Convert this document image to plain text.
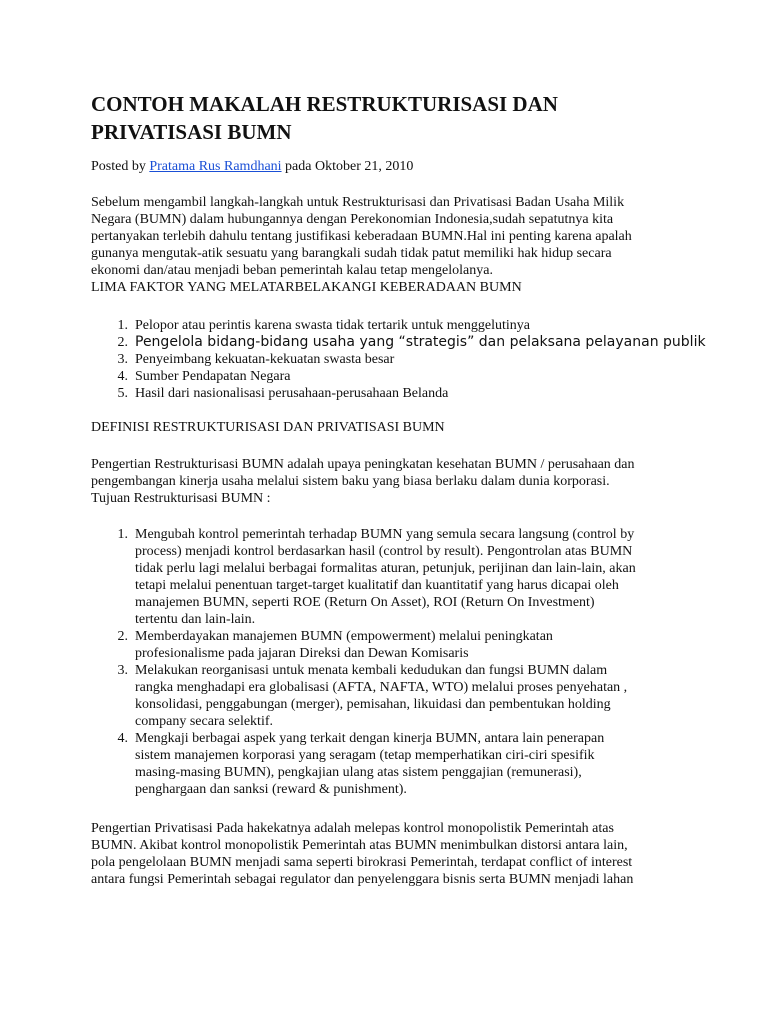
CONTOH MAKALAH RESTRUKTURISASI DAN
PRIVATISASI BUMN
Posted by Pratama Rus Ramdhani pada Oktober 21, 2010
Sebelum mengambil langkah-langkah untuk Restrukturisasi dan Privatisasi Badan Usaha Milik
Negara (BUMN) dalam hubungannya dengan Perekonomian Indonesia,sudah sepatutnya kita
pertanyakan terlebih dahulu tentang justifikasi keberadaan BUMN.Hal ini penting karena apalah
gunanya mengutak-atik sesuatu yang barangkali sudah tidak patut memiliki hak hidup secara
ekonomi dan/atau menjadi beban pemerintah kalau tetap mengelolanya.
LIMA FAKTOR YANG MELATARBELAKANGI KEBERADAAN BUMN
1. Pelopor atau perintis karena swasta tidak tertarik untuk menggelutinya
2. Pengelola bidang-bidang usaha yang “strategis” dan pelaksana pelayanan publik
3. Penyeimbang kekuatan-kekuatan swasta besar
4. Sumber Pendapatan Negara
5. Hasil dari nasionalisasi perusahaan-perusahaan Belanda
DEFINISI RESTRUKTURISASI DAN PRIVATISASI BUMN
Pengertian Restrukturisasi BUMN adalah upaya peningkatan kesehatan BUMN / perusahaan dan
pengembangan kinerja usaha melalui sistem baku yang biasa berlaku dalam dunia korporasi.
Tujuan Restrukturisasi BUMN :
1. Mengubah kontrol pemerintah terhadap BUMN yang semula secara langsung (control by
process) menjadi kontrol berdasarkan hasil (control by result). Pengontrolan atas BUMN
tidak perlu lagi melalui berbagai formalitas aturan, petunjuk, perijinan dan lain-lain, akan
tetapi melalui penentuan target-target kualitatif dan kuantitatif yang harus dicapai oleh
manajemen BUMN, seperti ROE (Return On Asset), ROI (Return On Investment)
tertentu dan lain-lain.
2. Memberdayakan manajemen BUMN (empowerment) melalui peningkatan
profesionalisme pada jajaran Direksi dan Dewan Komisaris
3. Melakukan reorganisasi untuk menata kembali kedudukan dan fungsi BUMN dalam
rangka menghadapi era globalisasi (AFTA, NAFTA, WTO) melalui proses penyehatan ,
konsolidasi, penggabungan (merger), pemisahan, likuidasi dan pembentukan holding
company secara selektif.
4. Mengkaji berbagai aspek yang terkait dengan kinerja BUMN, antara lain penerapan
sistem manajemen korporasi yang seragam (tetap memperhatikan ciri-ciri spesifik
masing-masing BUMN), pengkajian ulang atas sistem penggajian (remunerasi),
penghargaan dan sanksi (reward & punishment).
Pengertian Privatisasi Pada hakekatnya adalah melepas kontrol monopolistik Pemerintah atas
BUMN. Akibat kontrol monopolistik Pemerintah atas BUMN menimbulkan distorsi antara lain,
pola pengelolaan BUMN menjadi sama seperti birokrasi Pemerintah, terdapat conflict of interest
antara fungsi Pemerintah sebagai regulator dan penyelenggara bisnis serta BUMN menjadi lahan
